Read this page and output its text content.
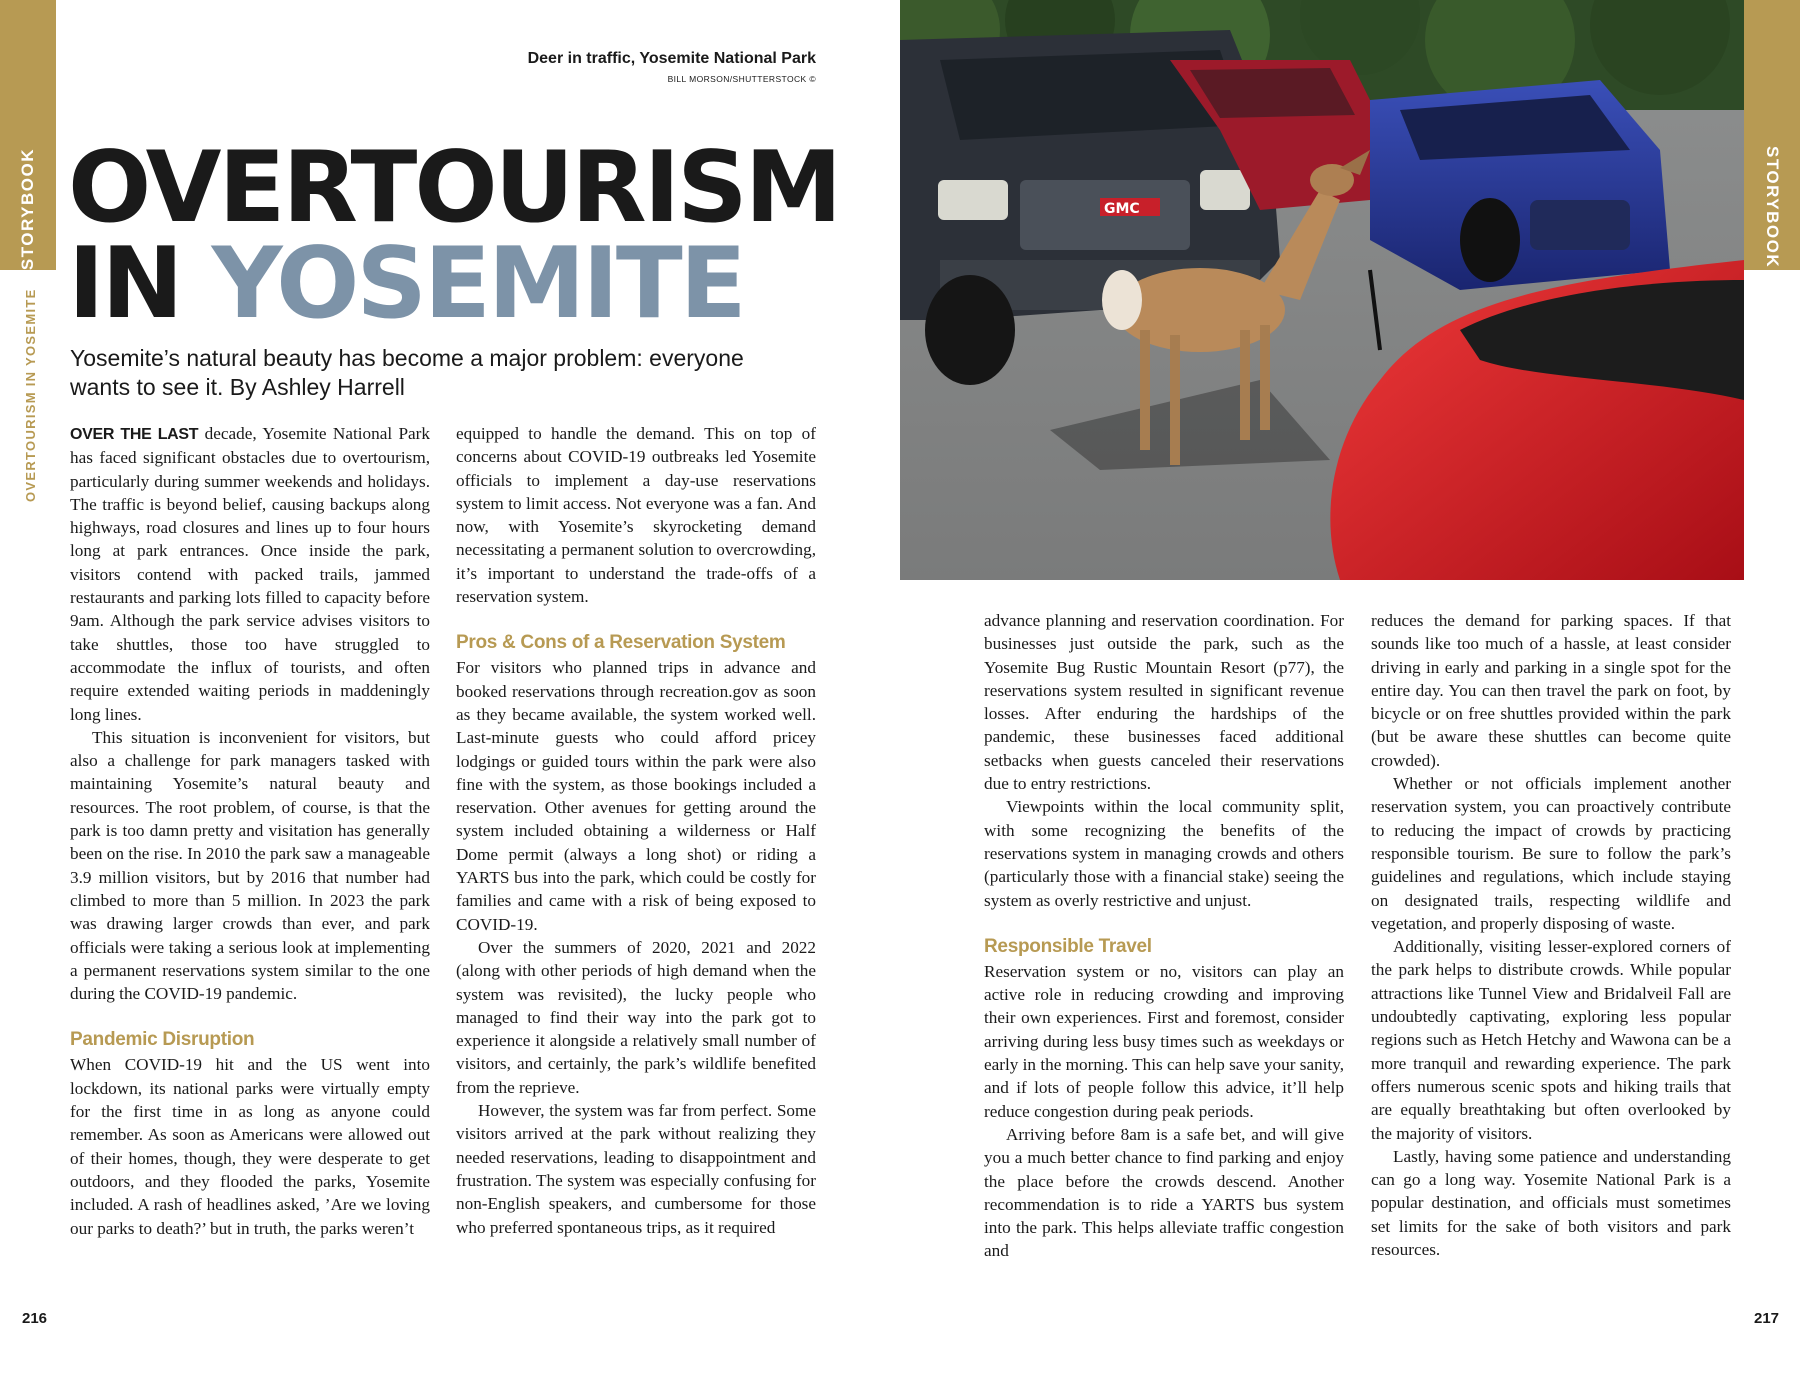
STORYBOOK
OVERTOURISM IN YOSEMITE
STORYBOOK
Deer in traffic, Yosemite National Park
BILL MORSON/SHUTTERSTOCK ©
OVERTOURISM
IN YOSEMITE
Yosemite’s natural beauty has become a major problem: everyone wants to see it. By Ashley Harrell

OVER THE LAST decade, Yosemite National Park has faced significant obstacles due to overtourism, particularly during summer weekends and holidays. The traffic is beyond belief, causing backups along highways, road closures and lines up to four hours long at park entrances. Once inside the park, visitors contend with packed trails, jammed restaurants and parking lots filled to capacity before 9am. Although the park service advises visitors to take shuttles, those too have struggled to accommodate the influx of tourists, and often require extended waiting periods in maddeningly long lines.

This situation is inconvenient for visitors, but also a challenge for park managers tasked with maintaining Yosemite’s natural beauty and resources. The root problem, of course, is that the park is too damn pretty and visitation has generally been on the rise. In 2010 the park saw a manageable 3.9 million visitors, but by 2016 that number had climbed to more than 5 million. In 2023 the park was drawing larger crowds than ever, and park officials were taking a serious look at implementing a permanent reservations system similar to the one during the COVID-19 pandemic.

Pandemic Disruption

When COVID-19 hit and the US went into lockdown, its national parks were virtually empty for the first time in as long as anyone could remember. As soon as Americans were allowed out of their homes, though, they were desperate to get outdoors, and they flooded the parks, Yosemite included. A rash of headlines asked, ’Are we loving our parks to death?’ but in truth, the parks weren’t

equipped to handle the demand. This on top of concerns about COVID-19 outbreaks led Yosemite officials to implement a day-use reservations system to limit access. Not everyone was a fan. And now, with Yosemite’s skyrocketing demand necessitating a permanent solution to overcrowding, it’s important to understand the trade-offs of a reservation system.

Pros & Cons of a Reservation System

For visitors who planned trips in advance and booked reservations through recreation.gov as soon as they became available, the system worked well. Last-minute guests who could afford pricey lodgings or guided tours within the park were also fine with the system, as those bookings included a reservation. Other avenues for getting around the system included obtaining a wilderness or Half Dome permit (always a long shot) or riding a YARTS bus into the park, which could be costly for families and came with a risk of being exposed to COVID-19.

Over the summers of 2020, 2021 and 2022 (along with other periods of high demand when the system was revisited), the lucky people who managed to find their way into the park got to experience it alongside a relatively small number of visitors, and certainly, the park’s wildlife benefited from the reprieve.

However, the system was far from perfect. Some visitors arrived at the park without realizing they needed reservations, leading to disappointment and frustration. The system was especially confusing for non-English speakers, and cumbersome for those who preferred spontaneous trips, as it required

GMC

advance planning and reservation coordination. For businesses just outside the park, such as the Yosemite Bug Rustic Mountain Resort (p77), the reservations system resulted in significant revenue losses. After enduring the hardships of the pandemic, these businesses faced additional setbacks when guests canceled their reservations due to entry restrictions.

Viewpoints within the local community split, with some recognizing the benefits of the reservations system in managing crowds and others (particularly those with a financial stake) seeing the system as overly restrictive and unjust.

Responsible Travel

Reservation system or no, visitors can play an active role in reducing crowding and improving their own experiences. First and foremost, consider arriving during less busy times such as weekdays or early in the morning. This can help save your sanity, and if lots of people follow this advice, it’ll help reduce congestion during peak periods.

Arriving before 8am is a safe bet, and will give you a much better chance to find parking and enjoy the place before the crowds descend. Another recommendation is to ride a YARTS bus system into the park. This helps alleviate traffic congestion and

reduces the demand for parking spaces. If that sounds like too much of a hassle, at least consider driving in early and parking in a single spot for the entire day. You can then travel the park on foot, by bicycle or on free shuttles provided within the park (but be aware these shuttles can become quite crowded).

Whether or not officials implement another reservation system, you can proactively contribute to reducing the impact of crowds by practicing responsible tourism. Be sure to follow the park’s guidelines and regulations, which include staying on designated trails, respecting wildlife and vegetation, and properly disposing of waste.

Additionally, visiting lesser-explored corners of the park helps to distribute crowds. While popular attractions like Tunnel View and Bridalveil Fall are undoubtedly captivating, exploring less popular regions such as Hetch Hetchy and Wawona can be a more tranquil and rewarding experience. The park offers numerous scenic spots and hiking trails that are equally breathtaking but often overlooked by the majority of visitors.

Lastly, having some patience and understanding can go a long way. Yosemite National Park is a popular destination, and officials must sometimes set limits for the sake of both visitors and park resources.

216	217
